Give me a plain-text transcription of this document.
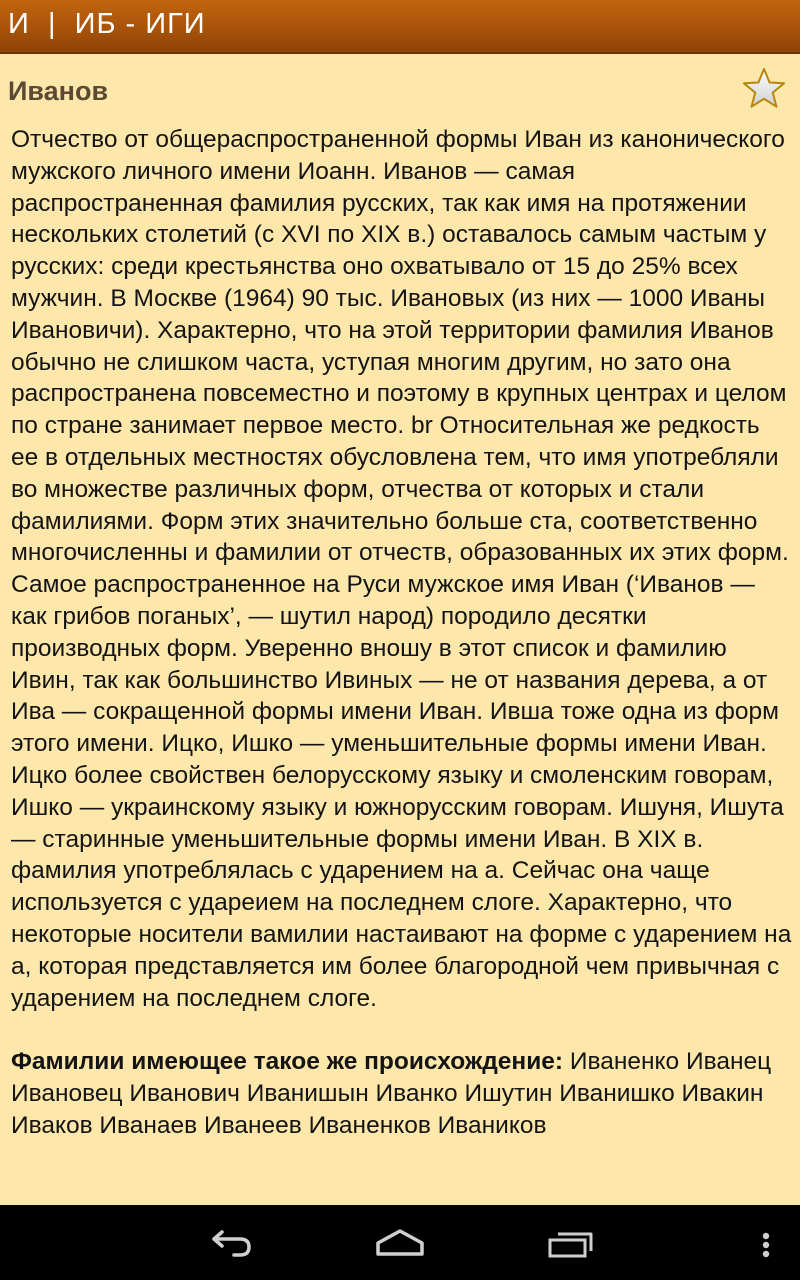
И  |  ИБ - ИГИ
Иванов

Отчество от общераспространенной формы Иван из канонического мужского личного имени Иоанн. Иванов — самая распространенная фамилия русских, так как имя на протяжении нескольких столетий (с XVI по XIX в.) оставалось самым частым у русских: среди крестьянства оно охватывало от 15 до 25% всех мужчин. В Москве (1964) 90 тыс. Ивановых (из них — 1000 Иваны Ивановичи). Характерно, что на этой территории фамилия Иванов обычно не слишком часта, уступая многим другим, но зато она распространена повсеместно и поэтому в крупных центрах и целом по стране занимает первое место. br Относительная же редкость ее в отдельных местностях обусловлена тем, что имя употребляли во множестве различных форм, отчества от которых и стали фамилиями. Форм этих значительно больше ста, соответственно многочисленны и фамилии от отчеств, образованных их этих форм. Самое распространенное на Руси мужское имя Иван (‘Иванов — как грибов поганых’, — шутил народ) породило десятки производных форм. Уверенно вношу в этот список и фамилию Ивин, так как большинство Ивиных — не от названия дерева, а от Ива — сокращенной формы имени Иван. Ивша тоже одна из форм этого имени. Ицко, Ишко — уменьшительные формы имени Иван. Ицко более свойствен белорусскому языку и смоленским говорам, Ишко — украинскому языку и южнорусским говорам. Ишуня, Ишута — старинные уменьшительные формы имени Иван. В XIX в. фамилия употреблялась с ударением на а. Сейчас она чаще используется с удареием на последнем слоге. Характерно, что некоторые носители вамилии настаивают на форме с ударением на а, которая представляется им более благородной чем привычная с ударением на последнем слоге.

Фамилии имеющее такое же происхождение: Иваненко Иванец Ивановец Иванович Иванишын Иванко Ишутин Иванишко Ивакин Иваков Иванаев Иванеев Иваненков Иваников
